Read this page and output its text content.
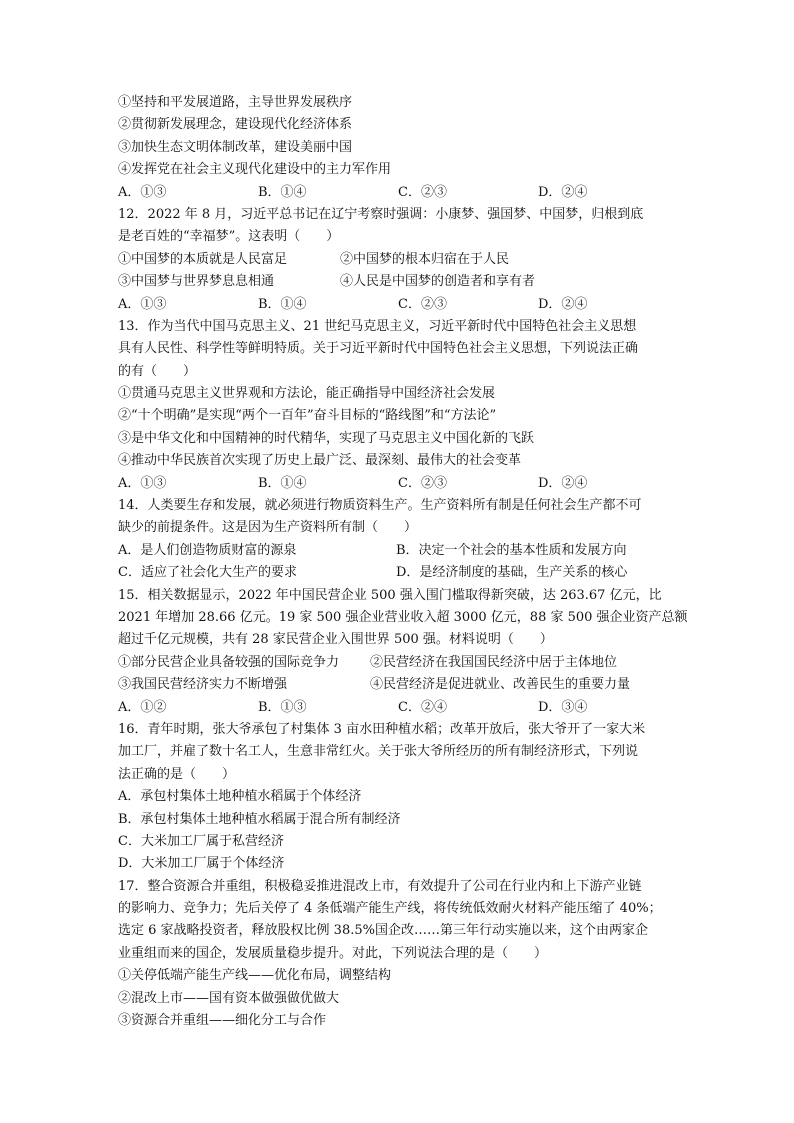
①坚持和平发展道路，主导世界发展秩序
②贯彻新发展理念，建设现代化经济体系
③加快生态文明体制改革，建设美丽中国
④发挥党在社会主义现代化建设中的主力军作用
A．①③	B．①④	C．②③	D．②④
12．2022 年 8 月，习近平总书记在辽宁考察时强调：小康梦、强国梦、中国梦，归根到底
是老百姓的“幸福梦”。这表明（　　）
①中国梦的本质就是人民富足	②中国梦的根本归宿在于人民
③中国梦与世界梦息息相通	④人民是中国梦的创造者和享有者
A．①③	B．①④	C．②③	D．②④
13．作为当代中国马克思主义、21 世纪马克思主义，习近平新时代中国特色社会主义思想
具有人民性、科学性等鲜明特质。关于习近平新时代中国特色社会主义思想，下列说法正确
的有（　　）
①贯通马克思主义世界观和方法论，能正确指导中国经济社会发展
②“十个明确”是实现“两个一百年”奋斗目标的“路线图”和“方法论”
③是中华文化和中国精神的时代精华，实现了马克思主义中国化新的飞跃
④推动中华民族首次实现了历史上最广泛、最深刻、最伟大的社会变革
A．①③	B．①④	C．②③	D．②④
14．人类要生存和发展，就必须进行物质资料生产。生产资料所有制是任何社会生产都不可
缺少的前提条件。这是因为生产资料所有制（　　）
A．是人们创造物质财富的源泉	B．决定一个社会的基本性质和发展方向
C．适应了社会化大生产的要求	D．是经济制度的基础，生产关系的核心
15．相关数据显示，2022 年中国民营企业 500 强入围门槛取得新突破，达 263.67 亿元，比
2021 年增加 28.66 亿元。19 家 500 强企业营业收入超 3000 亿元，88 家 500 强企业资产总额
超过千亿元规模，共有 28 家民营企业入围世界 500 强。材料说明（　　）
①部分民营企业具备较强的国际竞争力	②民营经济在我国国民经济中居于主体地位
③我国民营经济实力不断增强	④民营经济是促进就业、改善民生的重要力量
A．①②	B．①③	C．②④	D．③④
16．青年时期，张大爷承包了村集体 3 亩水田种植水稻；改革开放后，张大爷开了一家大米
加工厂，并雇了数十名工人，生意非常红火。关于张大爷所经历的所有制经济形式，下列说
法正确的是（　　）
A．承包村集体土地种植水稻属于个体经济
B．承包村集体土地种植水稻属于混合所有制经济
C．大米加工厂属于私营经济
D．大米加工厂属于个体经济
17．整合资源合并重组，积极稳妥推进混改上市，有效提升了公司在行业内和上下游产业链
的影响力、竞争力；先后关停了 4 条低端产能生产线，将传统低效耐火材料产能压缩了 40%；
选定 6 家战略投资者，释放股权比例 38.5%国企改……第三年行动实施以来，这个由两家企
业重组而来的国企，发展质量稳步提升。对此，下列说法合理的是（　　）
①关停低端产能生产线——优化布局，调整结构
②混改上市——国有资本做强做优做大
③资源合并重组——细化分工与合作
